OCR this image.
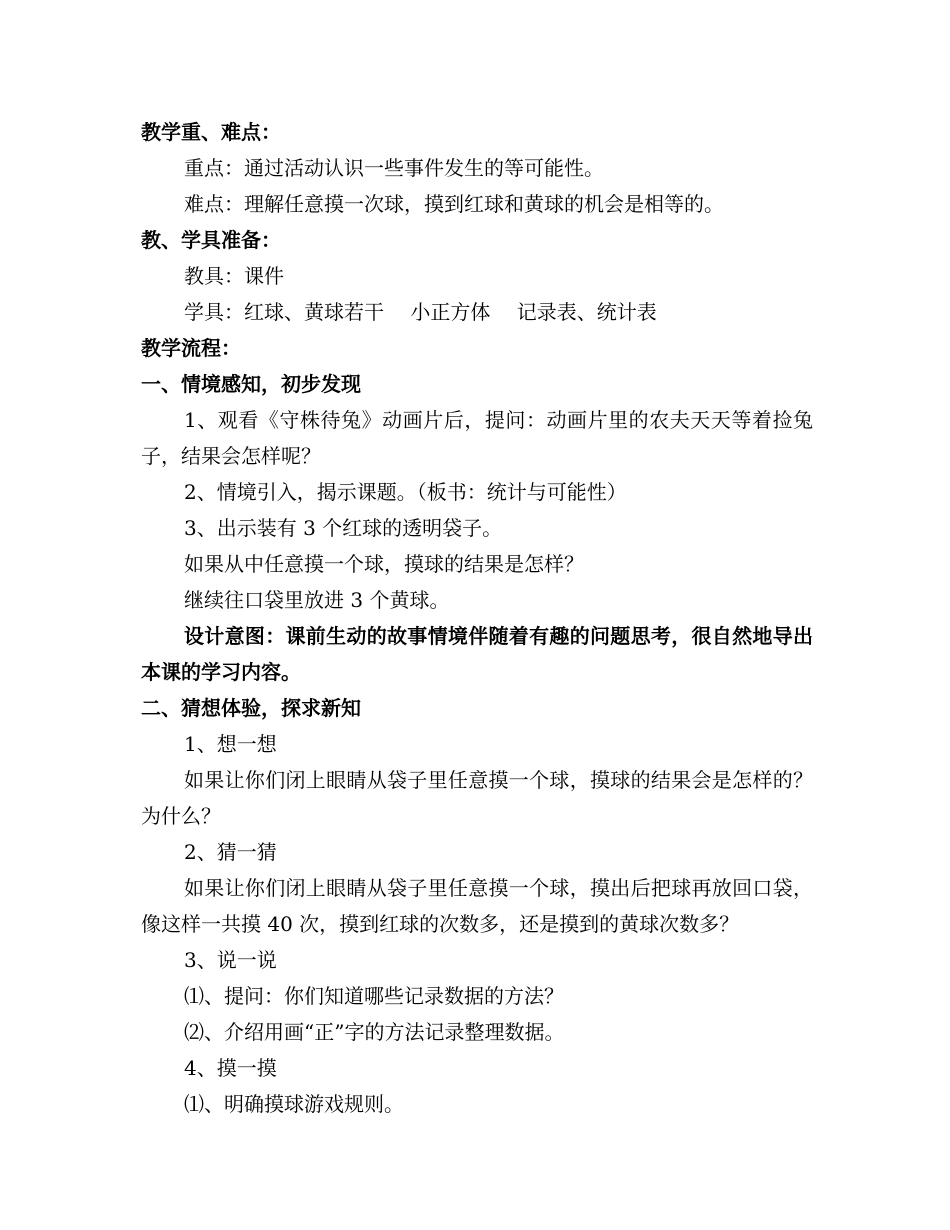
教学重、难点：

重点：通过活动认识一些事件发生的等可能性。

难点：理解任意摸一次球，摸到红球和黄球的机会是相等的。

教、学具准备：

教具：课件

学具：红球、黄球若干　 小正方体　 记录表、统计表

教学流程：

一、情境感知，初步发现

1、观看《守株待兔》动画片后，提问：动画片里的农夫天天等着捡兔子，结果会怎样呢？

2、情境引入，揭示课题。（板书：统计与可能性）

3、出示装有 3 个红球的透明袋子。

如果从中任意摸一个球，摸球的结果是怎样？

继续往口袋里放进 3 个黄球。

设计意图：课前生动的故事情境伴随着有趣的问题思考，很自然地导出本课的学习内容。

二、猜想体验，探求新知

1、想一想

如果让你们闭上眼睛从袋子里任意摸一个球，摸球的结果会是怎样的？为什么？

2、猜一猜

如果让你们闭上眼睛从袋子里任意摸一个球，摸出后把球再放回口袋，像这样一共摸 40 次，摸到红球的次数多，还是摸到的黄球次数多？

3、说一说

⑴、提问：你们知道哪些记录数据的方法？

⑵、介绍用画“正”字的方法记录整理数据。

4、摸一摸

⑴、明确摸球游戏规则。
